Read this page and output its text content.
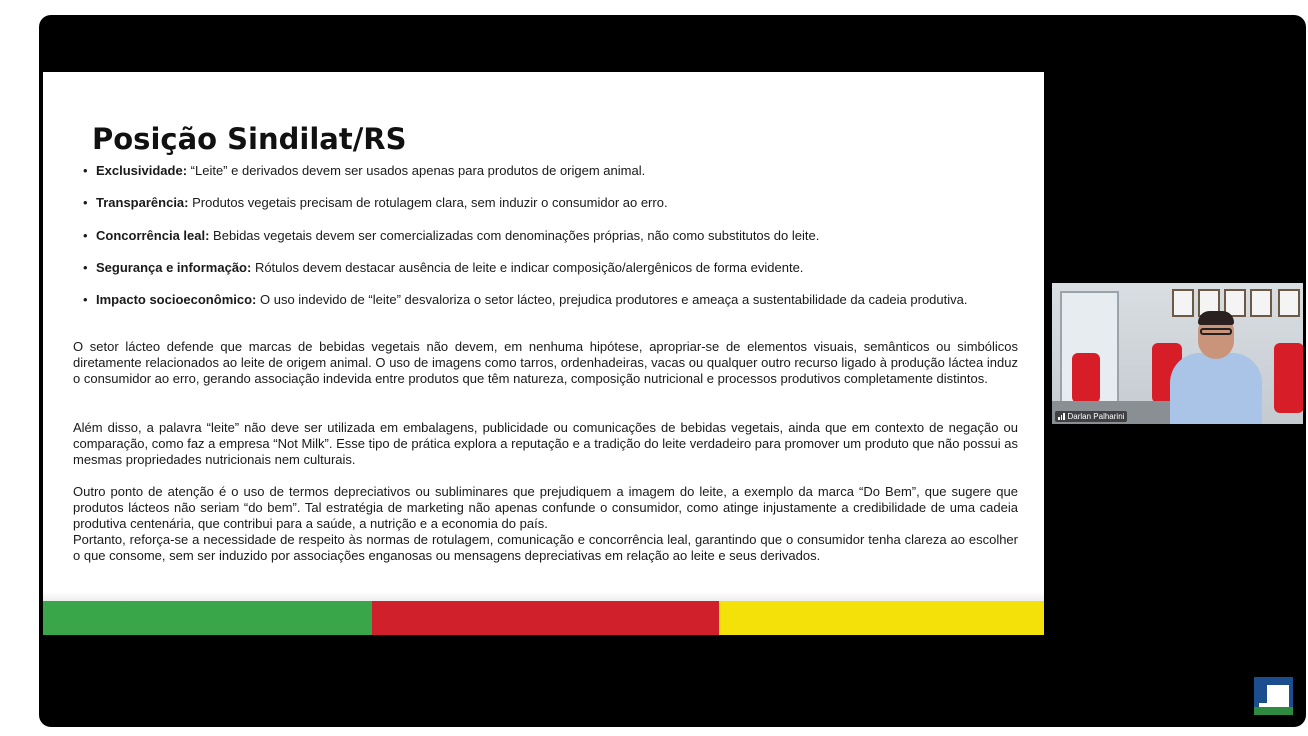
Posição Sindilat/RS
• Exclusividade: “Leite” e derivados devem ser usados apenas para produtos de origem animal.
• Transparência: Produtos vegetais precisam de rotulagem clara, sem induzir o consumidor ao erro.
• Concorrência leal: Bebidas vegetais devem ser comercializadas com denominações próprias, não como substitutos do leite.
• Segurança e informação: Rótulos devem destacar ausência de leite e indicar composição/alergênicos de forma evidente.
• Impacto socioeconômico: O uso indevido de “leite” desvaloriza o setor lácteo, prejudica produtores e ameaça a sustentabilidade da cadeia produtiva.

O setor lácteo defende que marcas de bebidas vegetais não devem, em nenhuma hipótese, apropriar-se de elementos visuais, semânticos ou simbólicos diretamente relacionados ao leite de origem animal. O uso de imagens como tarros, ordenhadeiras, vacas ou qualquer outro recurso ligado à produção láctea induz o consumidor ao erro, gerando associação indevida entre produtos que têm natureza, composição nutricional e processos produtivos completamente distintos.

Além disso, a palavra “leite” não deve ser utilizada em embalagens, publicidade ou comunicações de bebidas vegetais, ainda que em contexto de negação ou comparação, como faz a empresa “Not Milk”. Esse tipo de prática explora a reputação e a tradição do leite verdadeiro para promover um produto que não possui as mesmas propriedades nutricionais nem culturais.

Outro ponto de atenção é o uso de termos depreciativos ou subliminares que prejudiquem a imagem do leite, a exemplo da marca “Do Bem”, que sugere que produtos lácteos não seriam “do bem”. Tal estratégia de marketing não apenas confunde o consumidor, como atinge injustamente a credibilidade de uma cadeia produtiva centenária, que contribui para a saúde, a nutrição e a economia do país.

Portanto, reforça-se a necessidade de respeito às normas de rotulagem, comunicação e concorrência leal, garantindo que o consumidor tenha clareza ao escolher o que consome, sem ser induzido por associações enganosas ou mensagens depreciativas em relação ao leite e seus derivados.

Darlan Palharini
